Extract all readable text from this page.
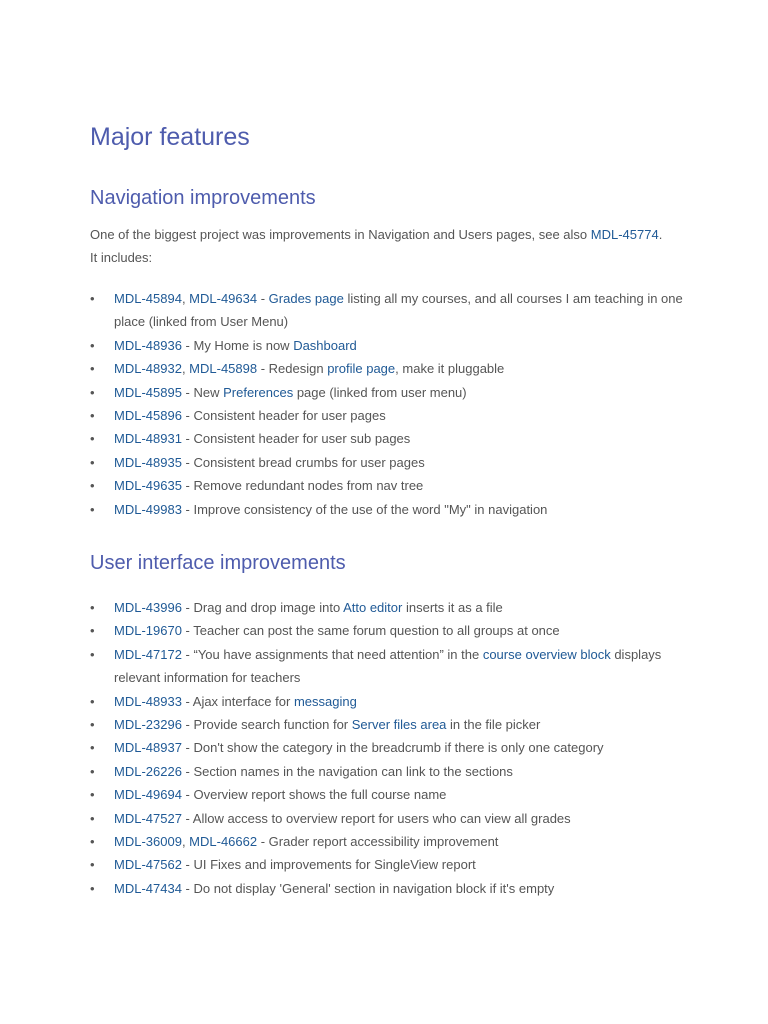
Major features
Navigation improvements

One of the biggest project was improvements in Navigation and Users pages, see also MDL-45774.
It includes:

• MDL-45894, MDL-49634 - Grades page listing all my courses, and all courses I am teaching in one place (linked from User Menu)
• MDL-48936 - My Home is now Dashboard
• MDL-48932, MDL-45898 - Redesign profile page, make it pluggable
• MDL-45895 - New Preferences page (linked from user menu)
• MDL-45896 - Consistent header for user pages
• MDL-48931 - Consistent header for user sub pages
• MDL-48935 - Consistent bread crumbs for user pages
• MDL-49635 - Remove redundant nodes from nav tree
• MDL-49983 - Improve consistency of the use of the word "My" in navigation
User interface improvements
• MDL-43996 - Drag and drop image into Atto editor inserts it as a file
• MDL-19670 - Teacher can post the same forum question to all groups at once
• MDL-47172 - “You have assignments that need attention” in the course overview block displays relevant information for teachers
• MDL-48933 - Ajax interface for messaging
• MDL-23296 - Provide search function for Server files area in the file picker
• MDL-48937 - Don't show the category in the breadcrumb if there is only one category
• MDL-26226 - Section names in the navigation can link to the sections
• MDL-49694 - Overview report shows the full course name
• MDL-47527 - Allow access to overview report for users who can view all grades
• MDL-36009, MDL-46662 - Grader report accessibility improvement
• MDL-47562 - UI Fixes and improvements for SingleView report
• MDL-47434 - Do not display 'General' section in navigation block if it's empty
